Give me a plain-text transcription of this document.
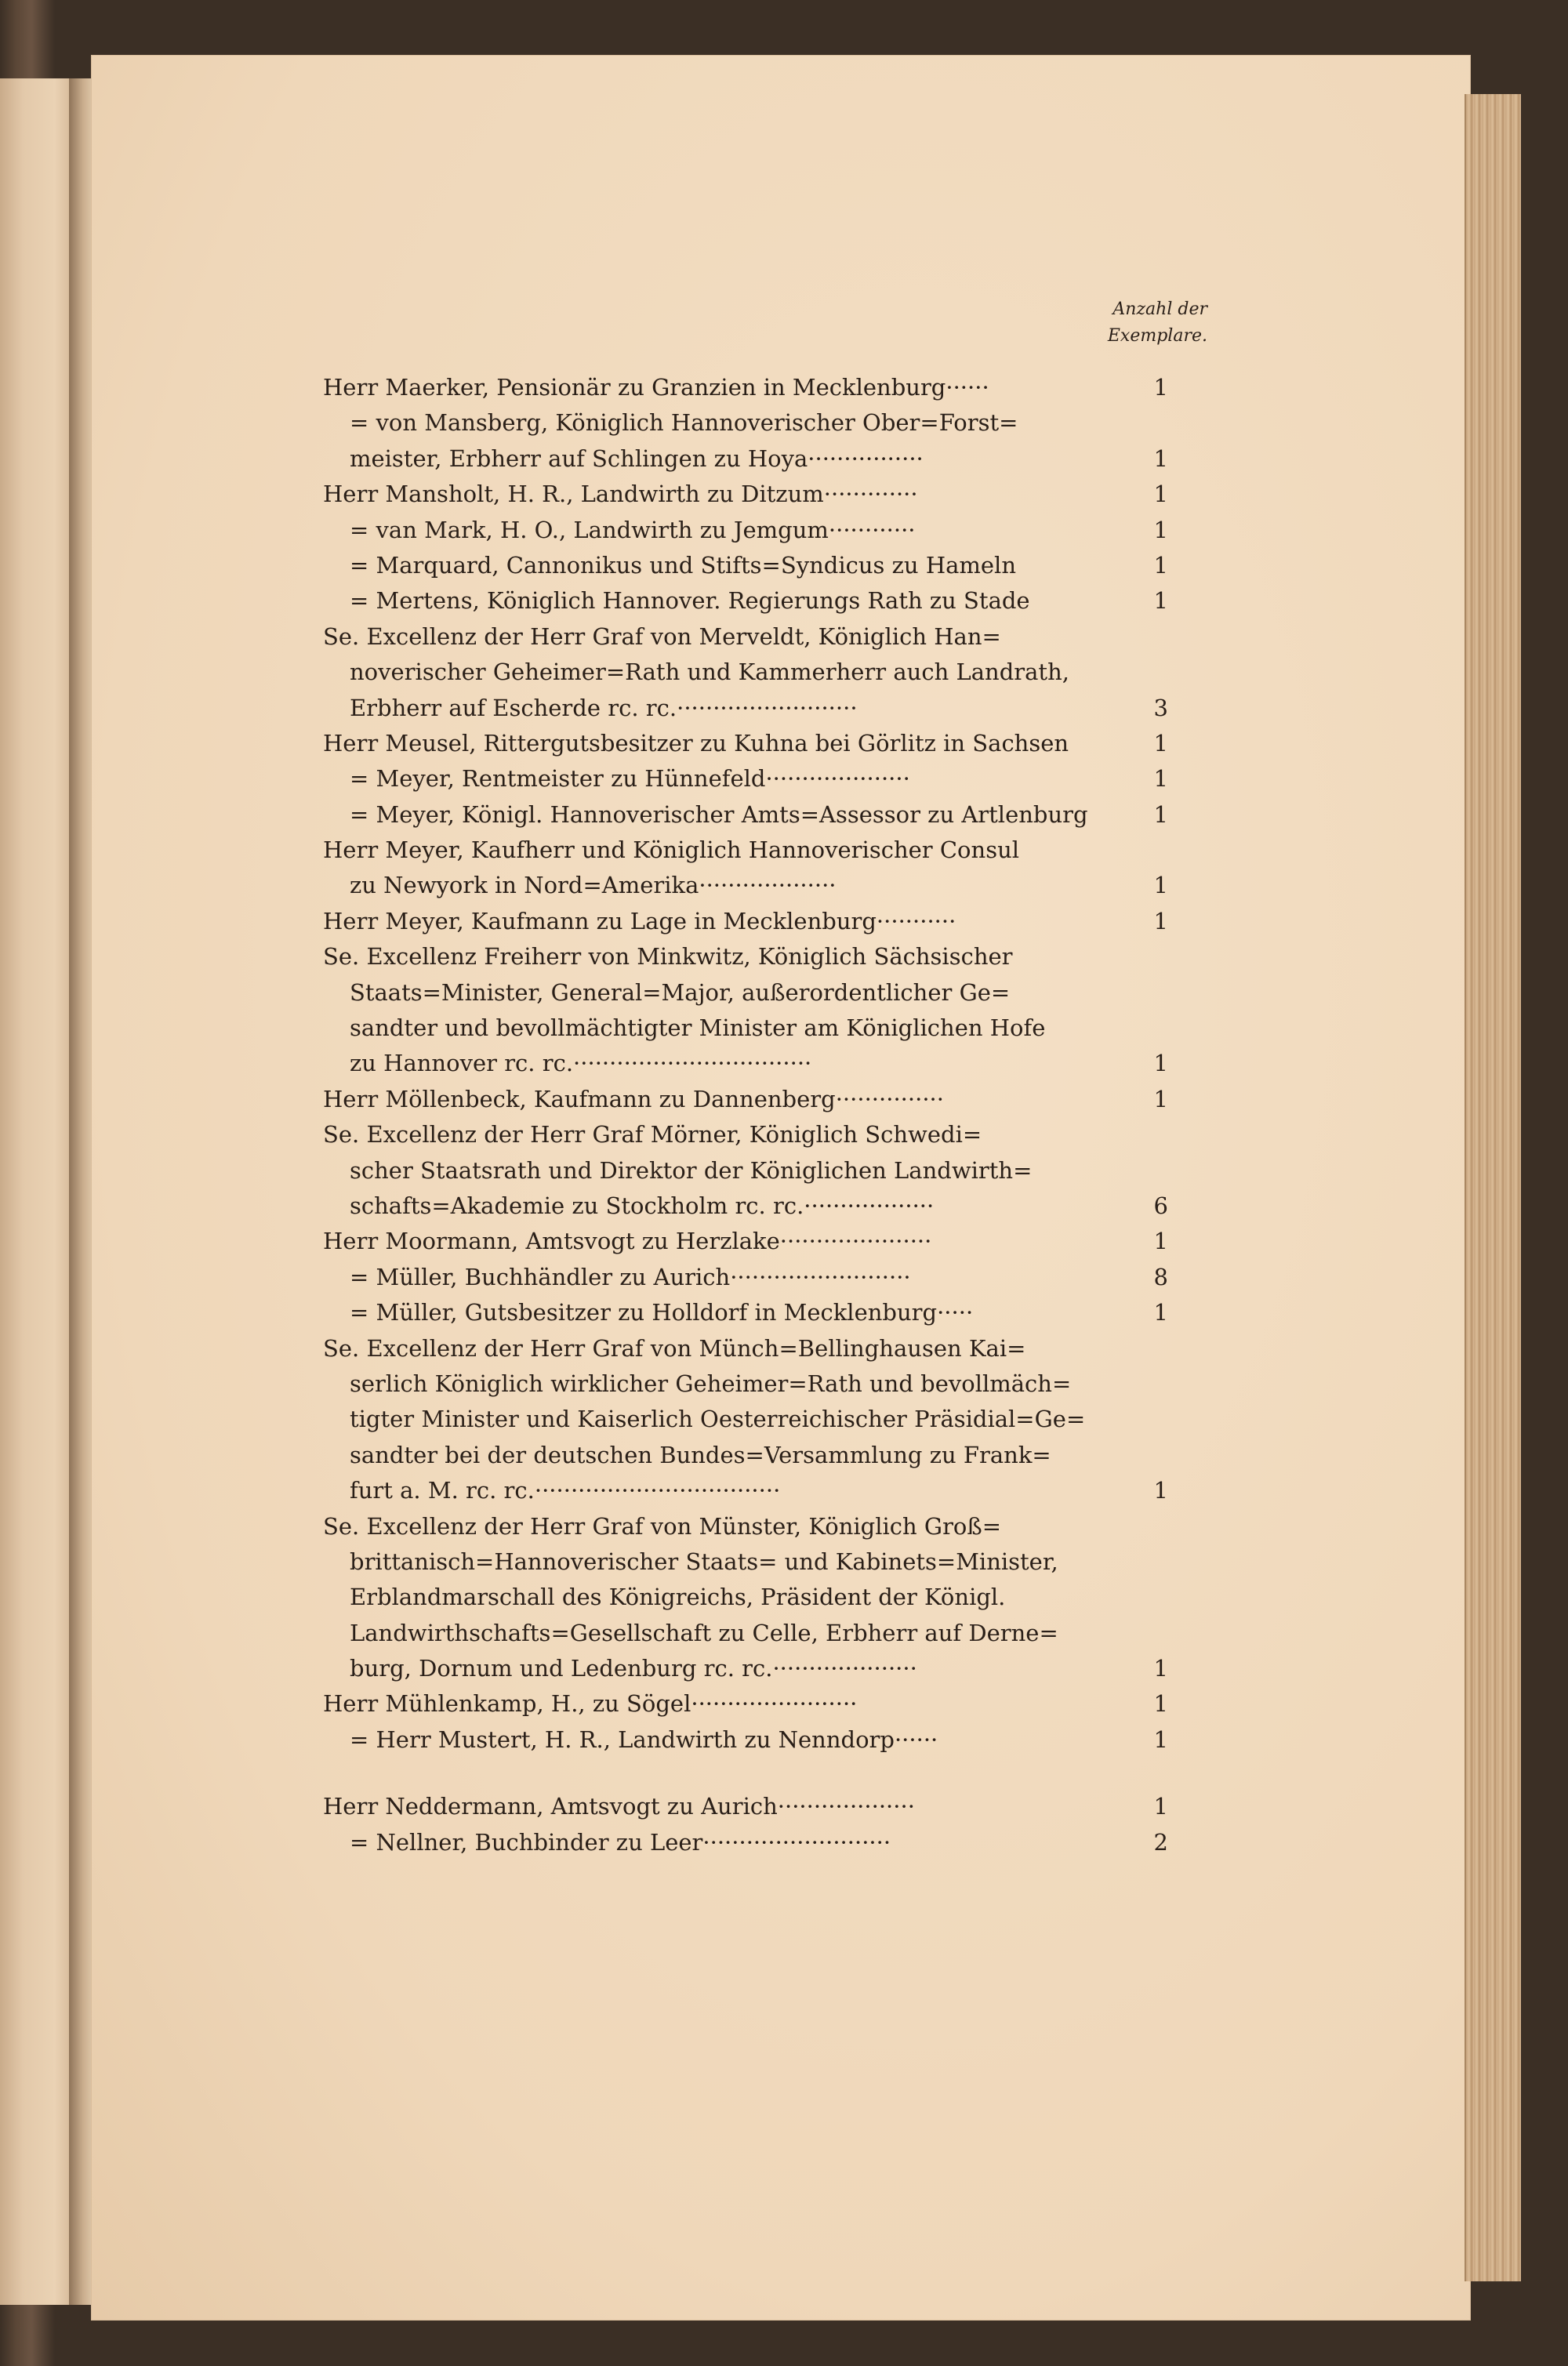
Anzahl der
Exemplare.
Herr Maerker, Pensionär zu Granzien in Mecklenburg······	1
= von Mansberg, Königlich Hannoverischer Ober=Forst=
meister, Erbherr auf Schlingen zu Hoya················	1
Herr Mansholt, H. R., Landwirth zu Ditzum·············	1
= van Mark, H. O., Landwirth zu Jemgum············	1
= Marquard, Cannonikus und Stifts=Syndicus zu Hameln	1
= Mertens, Königlich Hannover. Regierungs Rath zu Stade	1
Se. Excellenz der Herr Graf von Merveldt, Königlich Han=
noverischer Geheimer=Rath und Kammerherr auch Landrath,
Erbherr auf Escherde rc. rc.·························	3
Herr Meusel, Rittergutsbesitzer zu Kuhna bei Görlitz in Sachsen	1
= Meyer, Rentmeister zu Hünnefeld····················	1
= Meyer, Königl. Hannoverischer Amts=Assessor zu Artlenburg	1
Herr Meyer, Kaufherr und Königlich Hannoverischer Consul
zu Newyork in Nord=Amerika···················	1
Herr Meyer, Kaufmann zu Lage in Mecklenburg···········	1
Se. Excellenz Freiherr von Minkwitz, Königlich Sächsischer
Staats=Minister, General=Major, außerordentlicher Ge=
sandter und bevollmächtigter Minister am Königlichen Hofe
zu Hannover rc. rc.·································	1
Herr Möllenbeck, Kaufmann zu Dannenberg···············	1
Se. Excellenz der Herr Graf Mörner, Königlich Schwedi=
scher Staatsrath und Direktor der Königlichen Landwirth=
schafts=Akademie zu Stockholm rc. rc.··················	6
Herr Moormann, Amtsvogt zu Herzlake·····················	1
= Müller, Buchhändler zu Aurich·························	8
= Müller, Gutsbesitzer zu Holldorf in Mecklenburg·····	1
Se. Excellenz der Herr Graf von Münch=Bellinghausen Kai=
serlich Königlich wirklicher Geheimer=Rath und bevollmäch=
tigter Minister und Kaiserlich Oesterreichischer Präsidial=Ge=
sandter bei der deutschen Bundes=Versammlung zu Frank=
furt a. M. rc. rc.··································	1
Se. Excellenz der Herr Graf von Münster, Königlich Groß=
brittanisch=Hannoverischer Staats= und Kabinets=Minister,
Erblandmarschall des Königreichs, Präsident der Königl.
Landwirthschafts=Gesellschaft zu Celle, Erbherr auf Derne=
burg, Dornum und Ledenburg rc. rc.····················	1
Herr Mühlenkamp, H., zu Sögel·······················	1
= Herr Mustert, H. R., Landwirth zu Nenndorp······	1
Herr Neddermann, Amtsvogt zu Aurich···················	1
= Nellner, Buchbinder zu Leer··························	2
